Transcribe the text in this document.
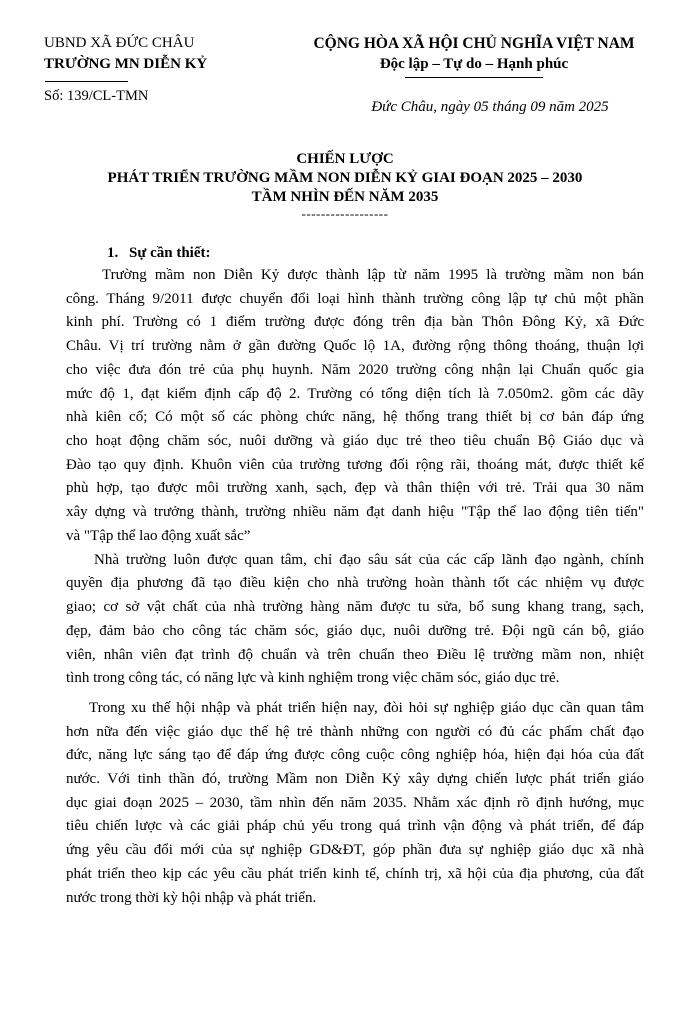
UBND XÃ ĐỨC CHÂU
TRƯỜNG MN DIỄN KỶ
Số: 139/CL-TMN
CỘNG HÒA XÃ HỘI CHỦ NGHĨA VIỆT NAM
Độc lập – Tự do – Hạnh phúc
Đức Châu, ngày 05 tháng 09 năm 2025
CHIẾN LƯỢC
PHÁT TRIỂN TRƯỜNG MẦM NON DIỄN KỶ GIAI ĐOẠN 2025 – 2030
TẦM NHÌN ĐẾN NĂM 2035
------------------
1. Sự cần thiết:

Trường mầm non Diễn Kỷ được thành lập từ năm 1995 là trường mầm non bán
công. Tháng 9/2011 được chuyển đổi loại hình thành trường công lập tự chủ một phần
kinh phí. Trường có 1 điểm trường được đóng trên địa bàn Thôn Đông Kỷ, xã Đức
Châu. Vị trí trường nằm ở gần đường Quốc lộ 1A, đường rộng thông thoáng, thuận lợi
cho việc đưa đón trẻ của phụ huynh. Năm 2020 trường công nhận lại Chuẩn quốc gia
mức độ 1, đạt kiểm định cấp độ 2. Trường có tổng diện tích là 7.050m2. gồm các dãy
nhà kiên cố; Có một số các phòng chức năng, hệ thống trang thiết bị cơ bản đáp ứng
cho hoạt động chăm sóc, nuôi dưỡng và giáo dục trẻ theo tiêu chuẩn Bộ Giáo dục và
Đào tạo quy định. Khuôn viên của trường tương đối rộng rãi, thoáng mát, được thiết kế
phù hợp, tạo được môi trường xanh, sạch, đẹp và thân thiện với trẻ. Trải qua 30 năm
xây dựng và trưởng thành, trường nhiều năm đạt danh hiệu "Tập thể lao động tiên tiến"
và "Tập thể lao động xuất sắc”

Nhà trường luôn được quan tâm, chỉ đạo sâu sát của các cấp lãnh đạo ngành, chính
quyền địa phương đã tạo điều kiện cho nhà trường hoàn thành tốt các nhiệm vụ được
giao; cơ sở vật chất của nhà trường hàng năm được tu sửa, bổ sung khang trang, sạch,
đẹp, đảm bảo cho công tác chăm sóc, giáo dục, nuôi dưỡng trẻ. Đội ngũ cán bộ, giáo
viên, nhân viên đạt trình độ chuẩn và trên chuẩn theo Điều lệ trường mầm non, nhiệt
tình trong công tác, có năng lực và kinh nghiệm trong việc chăm sóc, giáo dục trẻ.

Trong xu thế hội nhập và phát triển hiện nay, đòi hỏi sự nghiệp giáo dục cần quan tâm
hơn nữa đến việc giáo dục thế hệ trẻ thành những con người có đủ các phẩm chất đạo
đức, năng lực sáng tạo để đáp ứng được công cuộc công nghiệp hóa, hiện đại hóa của đất
nước. Với tinh thần đó, trường Mầm non Diễn Kỷ xây dựng chiến lược phát triển giáo
dục giai đoạn 2025 – 2030, tầm nhìn đến năm 2035. Nhằm xác định rõ định hướng, mục
tiêu chiến lược và các giải pháp chủ yếu trong quá trình vận động và phát triển, để đáp
ứng yêu cầu đổi mới của sự nghiệp GD&ĐT, góp phần đưa sự nghiệp giáo dục xã nhà
phát triển theo kịp các yêu cầu phát triển kinh tế, chính trị, xã hội của địa phương, của đất
nước trong thời kỳ hội nhập và phát triển.
